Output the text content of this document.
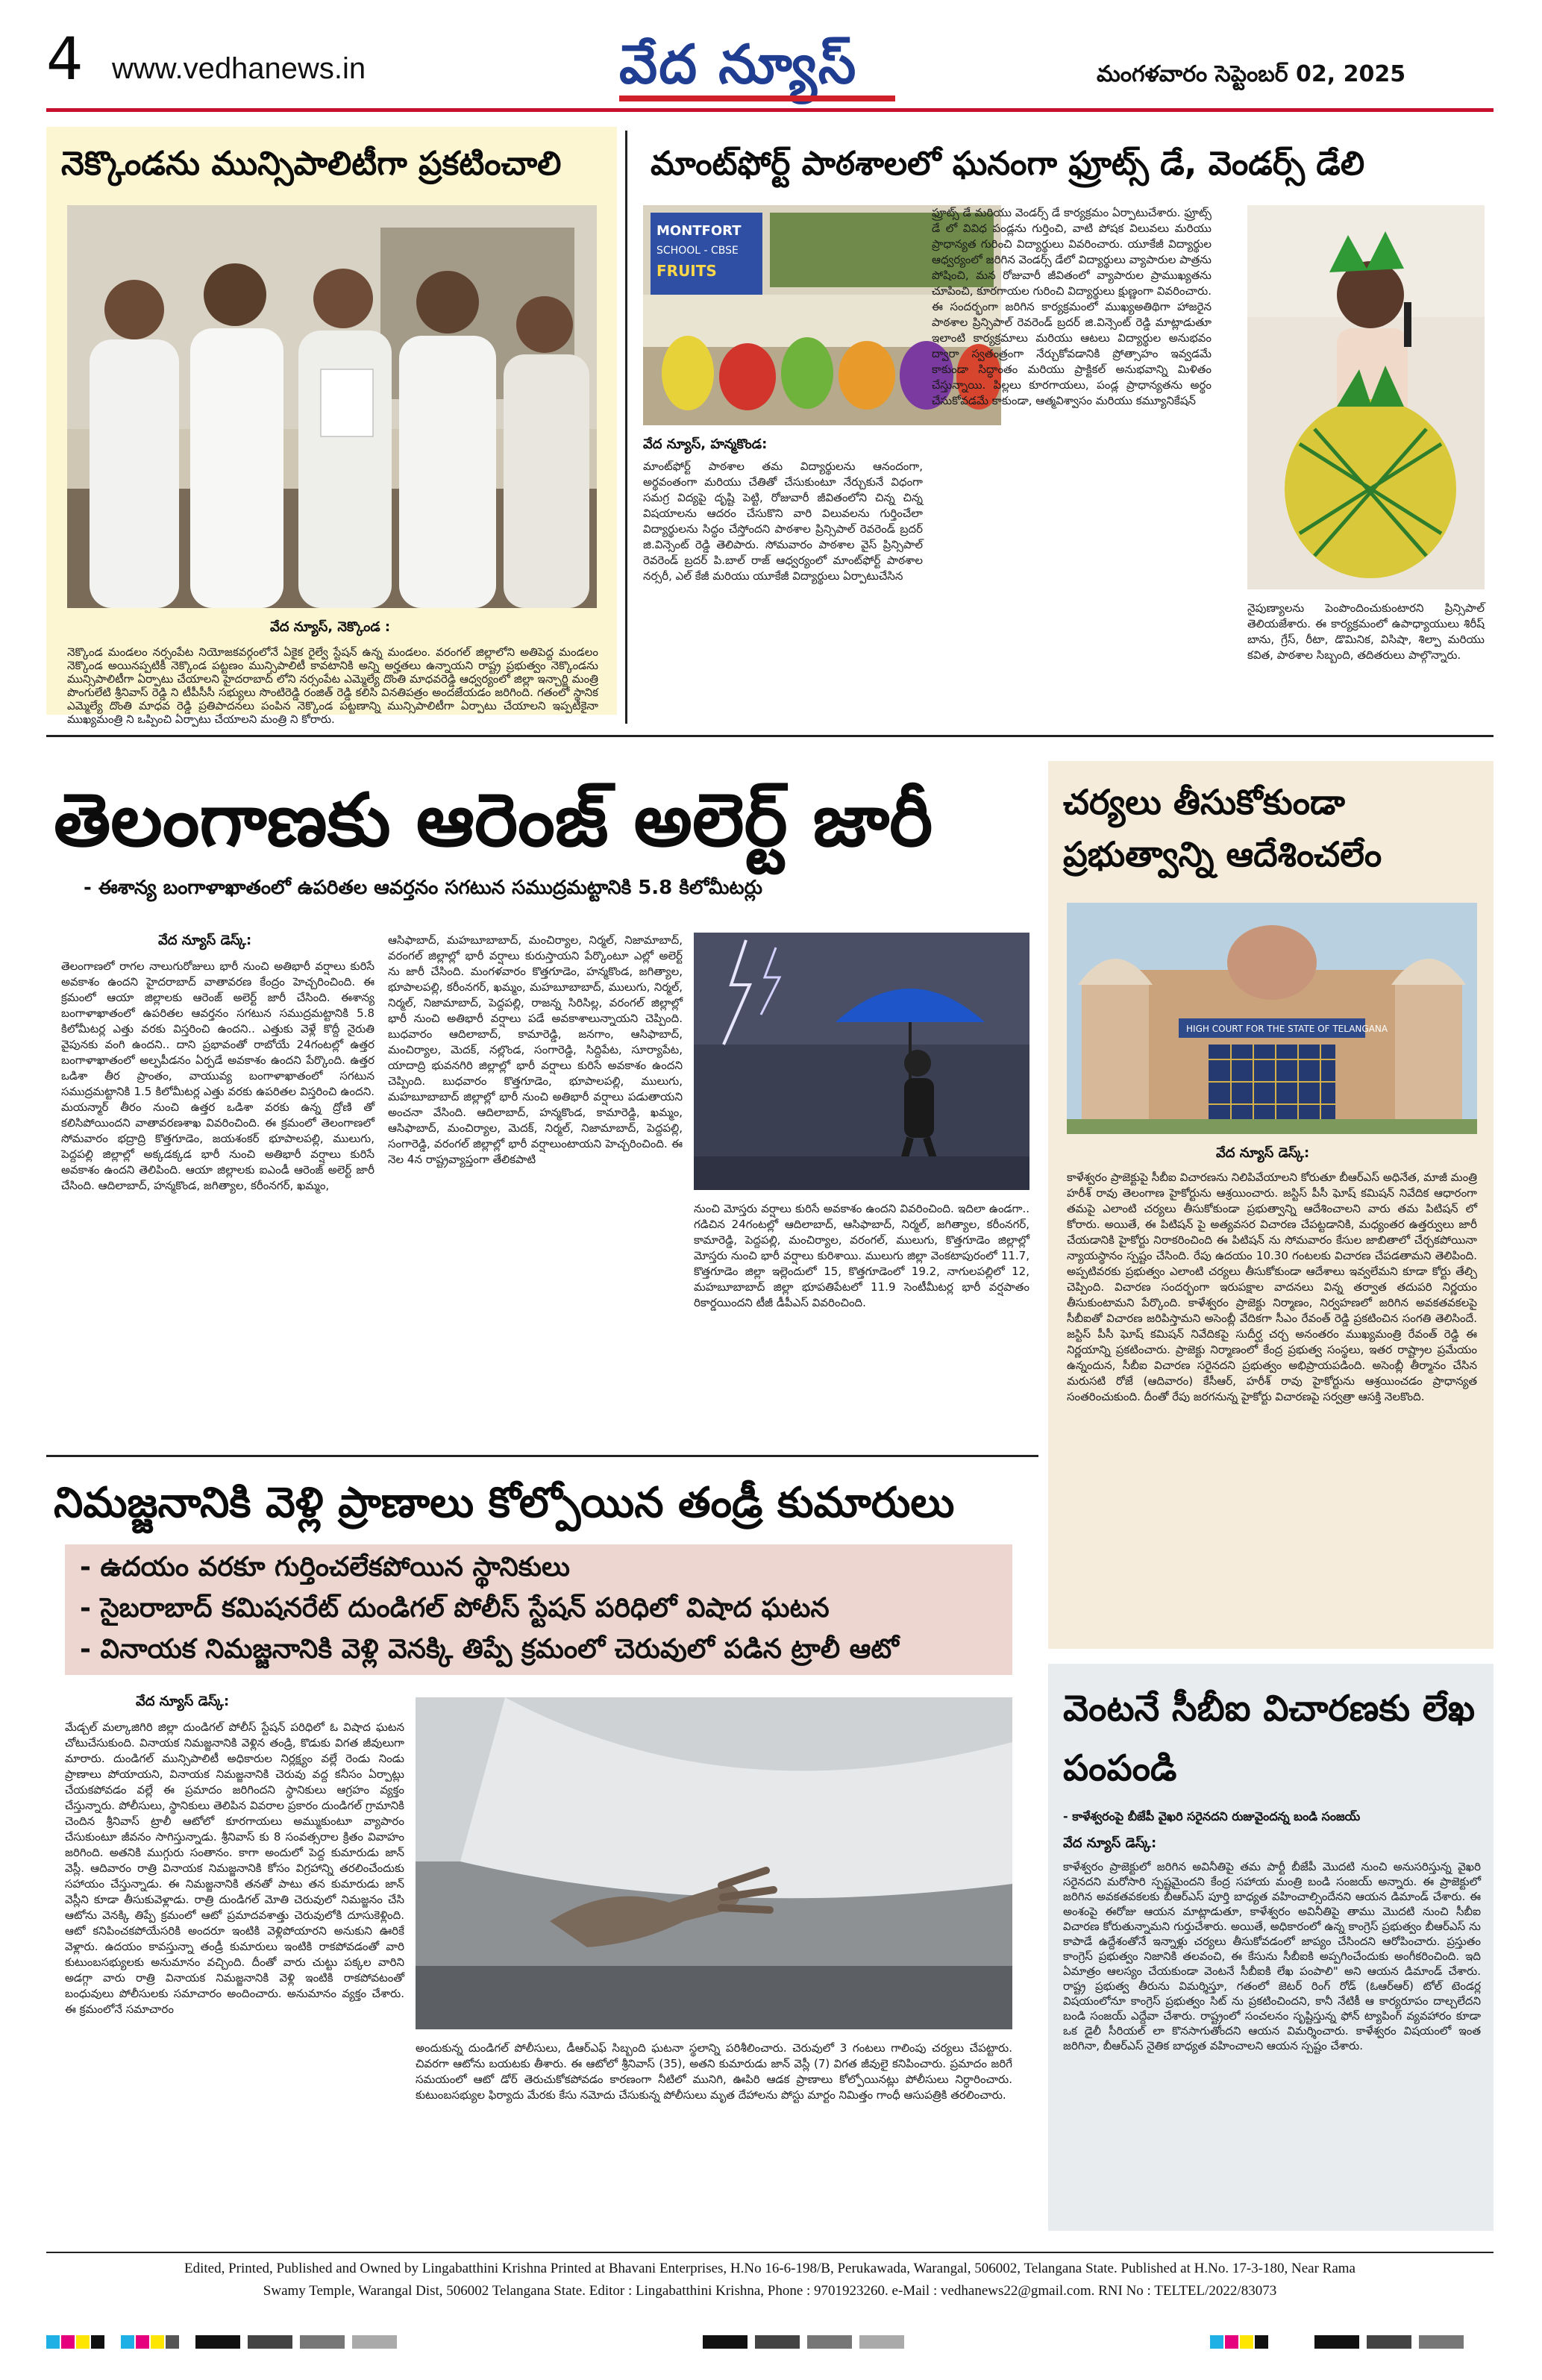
4 www.vedhanews.in	వేద న్యూస్	మంగళవారం సెప్టెంబర్ 02, 2025
నెక్కొండను మున్సిపాలిటీగా ప్రకటించాలి
వేద న్యూస్, నెక్కొండ :
నెక్కొండ మండలం నర్సంపేట నియోజకవర్గంలోనే ఏకైక రైల్వే స్టేషన్ ఉన్న మండలం. వరంగల్ జిల్లాలోని అతిపెద్ద మండలం నెక్కొండ అయినప్పటికీ నెక్కొండ పట్టణం మున్సిపాలిటీ కావటానికి అన్ని అర్హతలు ఉన్నాయని రాష్ట్ర ప్రభుత్వం నెక్కొండను మున్సిపాలిటీగా ఏర్పాటు చేయాలని హైదరాబాద్ లోని నర్సంపేట ఎమ్మెల్యే దొంతి మాధవరెడ్డి ఆధ్వర్యంలో జిల్లా ఇన్చార్జి మంత్రి పొంగులేటి శ్రీనివాస్ రెడ్డి ని టీపీసీసీ సభ్యులు సొంటిరెడ్డి రంజిత్ రెడ్డి కలిసి వినతిపత్రం అందజేయడం జరిగింది. గతంలో స్థానిక ఎమ్మెల్యే దొంతి మాధవ రెడ్డి ప్రతిపాదనలు పంపిన నెక్కొండ పట్టణాన్ని మున్సిపాలిటీగా ఏర్పాటు చేయాలని ఇప్పటికైనా ముఖ్యమంత్రి ని ఒప్పించి ఏర్పాటు చేయాలని మంత్రి ని కోరారు.
మాంట్‌ఫోర్ట్ పాఠశాలలో ఘనంగా ఫ్రూట్స్ డే, వెండర్స్ డేలి
MONTFORT
SCHOOL - CBSE
FRUITS
వేద న్యూస్, హన్మకొండ:
మాంట్‌ఫోర్ట్ పాఠశాల తమ విద్యార్థులను ఆనందంగా, అర్థవంతంగా మరియు చేతితో చేసుకుంటూ నేర్చుకునే విధంగా సమగ్ర విద్యపై దృష్టి పెట్టి, రోజువారీ జీవితంలోని చిన్న చిన్న విషయాలను ఆదరం చేసుకొని వారి విలువలను గుర్తించేలా విద్యార్థులను సిద్ధం చేస్తోందని పాఠశాల ప్రిన్సిపాల్ రెవరెండ్ బ్రదర్ జి.విన్సెంట్ రెడ్డి తెలిపారు. సోమవారం పాఠశాల వైస్ ప్రిన్సిపాల్ రెవరెండ్ బ్రదర్ పి.బాల్ రాజ్ ఆధ్వర్యంలో మాంట్‌ఫోర్ట్ పాఠశాల నర్సరీ, ఎల్ కేజీ మరియు యూకేజీ విద్యార్థులు ఏర్పాటుచేసిన
ఫ్రూట్స్ డే మరియు వెండర్స్ డే కార్యక్రమం ఏర్పాటుచేశారు. ఫ్రూట్స్ డే లో వివిధ పండ్లను గుర్తించి, వాటి పోషక విలువలు మరియు ప్రాధాన్యత గురించి విద్యార్థులు వివరించారు. యూకేజీ విద్యార్థుల ఆధ్వర్యంలో జరిగిన వెండర్స్ డేలో విద్యార్థులు వ్యాపారుల పాత్రను పోషించి, మన రోజువారీ జీవితంలో వ్యాపారుల ప్రాముఖ్యతను చూపించి, కూరగాయల గురించి విద్యార్థులు క్షుణ్ణంగా వివరించారు. ఈ సందర్భంగా జరిగిన కార్యక్రమంలో ముఖ్యఅతిథిగా హాజరైన పాఠశాల ప్రిన్సిపాల్ రెవరెండ్ బ్రదర్ జి.విన్సెంట్ రెడ్డి మాట్లాడుతూ ఇలాంటి కార్యక్రమాలు మరియు ఆటలు విద్యార్థుల అనుభవం ద్వారా స్వతంత్రంగా నేర్చుకోవడానికి ప్రోత్సాహం ఇవ్వడమే కాకుండా సిద్ధాంతం మరియు ప్రాక్టికల్ అనుభవాన్ని మిళితం చేస్తున్నాయి. పిల్లలు కూరగాయలు, పండ్ల ప్రాధాన్యతను అర్థం చేసుకోవడమే కాకుండా, ఆత్మవిశ్వాసం మరియు కమ్యూనికేషన్
నైపుణ్యాలను పెంపొందించుకుంటారని ప్రిన్సిపాల్ తెలియజేశారు. ఈ కార్యక్రమంలో ఉపాధ్యాయులు శిరీష్ బాను, గ్రేస్, రీటా, డొమినిక, విసిషా, శిల్పా మరియు కవిత, పాఠశాల సిబ్బంది, తదితరులు పాల్గొన్నారు.
తెలంగాణకు ఆరెంజ్ అలెర్ట్ జారీ
- ఈశాన్య బంగాళాఖాతంలో ఉపరితల ఆవర్తనం సగటున సముద్రమట్టానికి 5.8 కిలోమీటర్లు
వేద న్యూస్ డెస్క్:
తెలంగాణలో రాగల నాలుగురోజులు భారీ నుంచి అతిభారీ వర్షాలు కురిసే అవకాశం ఉందని హైదరాబాద్ వాతావరణ కేంద్రం హెచ్చరించింది. ఈ క్రమంలో ఆయా జిల్లాలకు ఆరెంజ్ అలెర్ట్ జారీ చేసింది. ఈశాన్య బంగాళాఖాతంలో ఉపరితల ఆవర్తనం సగటున సముద్రమట్టానికి 5.8 కిలోమీటర్ల ఎత్తు వరకు విస్తరించి ఉందని.. ఎత్తుకు వెళ్లే కొద్దీ నైరుతి వైపునకు వంగి ఉందని.. దాని ప్రభావంతో రాబోయే 24గంటల్లో ఉత్తర బంగాళాఖాతంలో అల్పపీడనం ఏర్పడే అవకాశం ఉందని పేర్కొంది. ఉత్తర ఒడిశా తీర ప్రాంతం, వాయువ్య బంగాళాఖాతంలో సగటున సముద్రమట్టానికి 1.5 కిలోమీటర్ల ఎత్తు వరకు ఉపరితల విస్తరించి ఉందని. మయన్మార్ తీరం నుంచి ఉత్తర ఒడిశా వరకు ఉన్న ద్రోణి తో కలిసిపోయిందని వాతావరణశాఖ వివరించింది. ఈ క్రమంలో తెలంగాణలో సోమవారం భద్రాద్రి కొత్తగూడెం, జయశంకర్ భూపాలపల్లి, ములుగు, పెద్దపల్లి జిల్లాల్లో అక్కడక్కడ భారీ నుంచి అతిభారీ వర్షాలు కురిసే అవకాశం ఉందని తెలిపింది. ఆయా జిల్లాలకు ఐఎండీ ఆరెంజ్ అలెర్ట్ జారీ చేసింది. ఆదిలాబాద్, హన్మకొండ, జగిత్యాల, కరీంనగర్, ఖమ్మం,
ఆసిఫాబాద్, మహబూబాబాద్, మంచిర్యాల, నిర్మల్, నిజామాబాద్, వరంగల్ జిల్లాల్లో భారీ వర్షాలు కురుస్తాయని పేర్కొంటూ ఎల్లో అలెర్ట్ ను జారీ చేసింది. మంగళవారం కొత్తగూడెం, హన్మకొండ, జగిత్యాల, భూపాలపల్లి, కరీంనగర్, ఖమ్మం, మహబూబాబాద్, ములుగు, నిర్మల్, నిర్మల్, నిజామాబాద్, పెద్దపల్లి, రాజన్న సిరిసిల్ల, వరంగల్ జిల్లాల్లో భారీ నుంచి అతిభారీ వర్షాలు పడే అవకాశాలున్నాయని చెప్పింది. బుధవారం ఆదిలాబాద్, కామారెడ్డి, జనగాం, ఆసిఫాబాద్, మంచిర్యాల, మెదక్, నల్లొండ, సంగారెడ్డి, సిద్దిపేట, సూర్యాపేట, యాదాద్రి భువనగిరి జిల్లాల్లో భారీ వర్షాలు కురిసే అవకాశం ఉందని చెప్పింది. బుధవారం కొత్తగూడెం, భూపాలపల్లి, ములుగు, మహబూబాబాద్ జిల్లాల్లో భారీ నుంచి అతిభారీ వర్షాలు పడుతాయని అంచనా వేసింది. ఆదిలాబాద్, హన్మకొండ, కామారెడ్డి, ఖమ్మం, ఆసిఫాబాద్, మంచిర్యాల, మెదక్, నిర్మల్, నిజామాబాద్, పెద్దపల్లి, సంగారెడ్డి, వరంగల్ జిల్లాల్లో భారీ వర్షాలుంటాయని హెచ్చరించింది. ఈ నెల 4న రాష్ట్రవ్యాప్తంగా తేలికపాటి
నుంచి మోస్తరు వర్షాలు కురిసే అవకాశం ఉందని వివరించింది. ఇదిలా ఉండగా.. గడిచిన 24గంటల్లో ఆదిలాబాద్, ఆసిఫాబాద్, నిర్మల్, జగిత్యాల, కరీంనగర్, కామారెడ్డి, పెద్దపల్లి, మంచిర్యాల, వరంగల్, ములుగు, కొత్తగూడెం జిల్లాల్లో మోస్తరు నుంచి భారీ వర్షాలు కురిశాయి. ములుగు జిల్లా వెంకటాపురంలో 11.7, కొత్తగూడెం జిల్లా ఇల్లెందులో 15, కొత్తగూడెంలో 19.2, నాగులపల్లిలో 12, మహబూబాబాద్ జిల్లా భూపతిపేటలో 11.9 సెంటీమీటర్ల భారీ వర్షపాతం రికార్డయిందని టీజీ డీపీఎస్ వివరించింది.
చర్యలు తీసుకోకుండా ప్రభుత్వాన్ని ఆదేశించలేం
HIGH COURT FOR THE STATE OF TELANGANA
వేద న్యూస్ డెస్క్:
కాళేశ్వరం ప్రాజెక్టుపై సీబీఐ విచారణను నిలిపివేయాలని కోరుతూ బీఆర్ఎస్ అధినేత, మాజీ మంత్రి హరీశ్ రావు తెలంగాణ హైకోర్టును ఆశ్రయించారు. జస్టిస్ పీసీ ఘోష్ కమిషన్ నివేదిక ఆధారంగా తమపై ఎలాంటి చర్యలు తీసుకోకుండా ప్రభుత్వాన్ని ఆదేశించాలని వారు తమ పిటిషన్ లో కోరారు. అయితే, ఈ పిటిషన్ పై అత్యవసర విచారణ చేపట్టడానికి, మధ్యంతర ఉత్తర్వులు జారీ చేయడానికి హైకోర్టు నిరాకరించింది ఈ పిటిషన్ ను సోమవారం కేసుల జాబితాలో చేర్చకపోయినా న్యాయస్థానం స్పష్టం చేసింది. రేపు ఉదయం 10.30 గంటలకు విచారణ చేపడతామని తెలిపింది. అప్పటివరకు ప్రభుత్వం ఎలాంటి చర్యలు తీసుకోకుండా ఆదేశాలు ఇవ్వలేమని కూడా కోర్టు తేల్చి చెప్పింది. విచారణ సందర్భంగా ఇరుపక్షాల వాదనలు విన్న తర్వాత తదుపరి నిర్ణయం తీసుకుంటామని పేర్కొంది. కాళేశ్వరం ప్రాజెక్టు నిర్మాణం, నిర్వహణలో జరిగిన అవకతవకలపై సీబీఐతో విచారణ జరిపిస్తామని అసెంబ్లీ వేదికగా సీఎం రేవంత్ రెడ్డి ప్రకటించిన సంగతి తెలిసిందే. జస్టిస్ పీసీ ఘోష్ కమిషన్ నివేదికపై సుదీర్ఘ చర్చ అనంతరం ముఖ్యమంత్రి రేవంత్ రెడ్డి ఈ నిర్ణయాన్ని ప్రకటించారు. ప్రాజెక్టు నిర్మాణంలో కేంద్ర ప్రభుత్వ సంస్థలు, ఇతర రాష్ట్రాల ప్రమేయం ఉన్నందున, సీబీఐ విచారణ సరైనదని ప్రభుత్వం అభిప్రాయపడింది. అసెంబ్లీ తీర్మానం చేసిన మరుసటి రోజే (ఆదివారం) కేసీఆర్, హరీశ్ రావు హైకోర్టును ఆశ్రయించడం ప్రాధాన్యత సంతరించుకుంది. దీంతో రేపు జరగనున్న హైకోర్టు విచారణపై సర్వత్రా ఆసక్తి నెలకొంది.
నిమజ్జనానికి వెళ్లి ప్రాణాలు కోల్పోయిన తండ్రీ కుమారులు
- ఉదయం వరకూ గుర్తించలేకపోయిన స్థానికులు
- సైబరాబాద్ కమిషనరేట్ దుండిగల్ పోలీస్ స్టేషన్ పరిధిలో విషాద ఘటన
- వినాయక నిమజ్జనానికి వెళ్లి వెనక్కి తిప్పే క్రమంలో చెరువులో పడిన ట్రాలీ ఆటో
వేద న్యూస్ డెస్క్:
మేడ్చల్ మల్కాజిగిరి జిల్లా దుండిగల్ పోలీస్ స్టేషన్ పరిధిలో ఓ విషాద ఘటన చోటుచేసుకుంది. వినాయక నిమజ్జనానికి వెళ్లిన తండ్రి, కొడుకు విగత జీవులుగా మారారు. దుండిగల్ మున్సిపాలిటీ అధికారుల నిర్లక్ష్యం వల్లే రెండు నిండు ప్రాణాలు పోయాయని, వినాయక నిమజ్జనానికి చెరువు వద్ద కనీసం ఏర్పాట్లు చేయకపోవడం వల్లే ఈ ప్రమాదం జరిగిందని స్థానికులు ఆగ్రహం వ్యక్తం చేస్తున్నారు. పోలీసులు, స్థానికులు తెలిపిన వివరాల ప్రకారం దుండిగల్ గ్రామానికి చెందిన శ్రీనివాస్ ట్రాలీ ఆటోలో కూరగాయలు అమ్ముకుంటూ వ్యాపారం చేసుకుంటూ జీవనం సాగిస్తున్నాడు. శ్రీనివాస్ కు 8 సంవత్సరాల క్రితం వివాహం జరిగింది. అతనికి ముగ్గురు సంతానం. కాగా అందులో పెద్ద కుమారుడు జాన్ వెస్లీ. ఆదివారం రాత్రి వినాయక నిమజ్జనానికి కోసం విగ్రహాన్ని తరలించేందుకు సహాయం చేస్తున్నాడు. ఈ నిమజ్జనానికి తనతో పాటు తన కుమారుడు జాన్ వెస్లీని కూడా తీసుకువెళ్లాడు. రాత్రి దుండిగల్ మోతి చెరువులో నిమజ్జనం చేసి ఆటోను వెనక్కి తిప్పే క్రమంలో ఆటో ప్రమాదవశాత్తు చెరువులోకి దూసుకెళ్లింది. ఆటో కనిపించకపోయేసరికి అందరూ ఇంటికి వెళ్లిపోయారని అనుకుని ఊరికే వెళ్లారు. ఉదయం కావస్తున్నా తండ్రీ కుమారులు ఇంటికి రాకపోవడంతో వారి కుటుంబసభ్యులకు అనుమానం వచ్చింది. దీంతో వారు చుట్టు పక్కల వారిని అడగ్గా వారు రాత్రి వినాయక నిమజ్జనానికి వెళ్లి ఇంటికి రాకపోవటంతో బంధువులు పోలీసులకు సమాచారం అందించారు. అనుమానం వ్యక్తం చేశారు. ఈ క్రమంలోనే సమాచారం
అందుకున్న దుండిగల్ పోలీసులు, డీఆర్ఎఫ్ సిబ్బంది ఘటనా స్థలాన్ని పరిశీలించారు. చెరువులో 3 గంటలు గాలింపు చర్యలు చేపట్టారు. చివరగా ఆటోను బయటకు తీశారు. ఈ ఆటోలో శ్రీనివాస్ (35), అతని కుమారుడు జాన్ వెస్లీ (7) విగత జీవులై కనిపించారు. ప్రమాదం జరిగే సమయంలో ఆటో డోర్ తెరుచుకోకపోవడం కారణంగా నీటిలో మునిగి, ఊపిరి ఆడక ప్రాణాలు కోల్పోయినట్లు పోలీసులు నిర్ధారించారు. కుటుంబసభ్యుల ఫిర్యాదు మేరకు కేసు నమోదు చేసుకున్న పోలీసులు మృత దేహాలను పోస్టు మార్టం నిమిత్తం గాంధీ ఆసుపత్రికి తరలించారు.
వెంటనే సీబీఐ విచారణకు లేఖ పంపండి
- కాళేశ్వరంపై బీజేపీ వైఖరి సరైనదని రుజువైందన్న బండి సంజయ్
వేద న్యూస్ డెస్క్:
కాళేశ్వరం ప్రాజెక్టులో జరిగిన అవినీతిపై తమ పార్టీ బీజేపీ మొదటి నుంచి అనుసరిస్తున్న వైఖరి సరైనదని మరోసారి స్పష్టమైందని కేంద్ర సహాయ మంత్రి బండి సంజయ్ అన్నారు. ఈ ప్రాజెక్టులో జరిగిన అవకతవకలకు బీఆర్ఎస్ పూర్తి బాధ్యత వహించాల్సిందేనని ఆయన డిమాండ్ చేశారు. ఈ అంశంపై ఈరోజు ఆయన మాట్లాడుతూ, కాళేశ్వరం అవినీతిపై తాము మొదటి నుంచి సీబీఐ విచారణ కోరుతున్నామని గుర్తుచేశారు. అయితే, అధికారంలో ఉన్న కాంగ్రెస్ ప్రభుత్వం బీఆర్ఎస్ ను కాపాడే ఉద్దేశంతోనే ఇన్నాళ్లు చర్యలు తీసుకోవడంలో జాప్యం చేసిందని ఆరోపించారు. ప్రస్తుతం కాంగ్రెస్ ప్రభుత్వం నిజానికి తలవంచి, ఈ కేసును సీబీఐకి అప్పగించేందుకు అంగీకరించింది. ఇది ఏమాత్రం ఆలస్యం చేయకుండా వెంటనే సీబీఐకి లేఖ పంపాలి" అని ఆయన డిమాండ్ చేశారు. రాష్ట్ర ప్రభుత్వ తీరును విమర్శిస్తూ, గతంలో జెటర్ రింగ్ రోడ్ (ఓఆర్ఆర్) టోల్ టెండర్ల విషయంలోనూ కాంగ్రెస్ ప్రభుత్వం సిట్ ను ప్రకటించిందని, కానీ నేటికీ ఆ కార్యరూపం దాల్చలేదని బండి సంజయ్ ఎద్దేవా చేశారు. రాష్ట్రంలో సంచలనం సృష్టిస్తున్న ఫోన్ ట్యాపింగ్ వ్యవహారం కూడా ఒక డైలీ సీరియల్ లా కొనసాగుతోందని ఆయన విమర్శించారు. కాళేశ్వరం విషయంలో ఇంత జరిగినా, బీఆర్ఎస్ నైతిక బాధ్యత వహించాలని ఆయన స్పష్టం చేశారు.
Edited, Printed, Published and Owned by Lingabatthini Krishna Printed at Bhavani Enterprises, H.No 16-6-198/B, Perukawada, Warangal, 506002, Telangana State. Published at H.No. 17-3-180, Near Rama
Swamy Temple, Warangal Dist, 506002 Telangana State. Editor : Lingabatthini Krishna, Phone : 9701923260. e-Mail : vedhanews22@gmail.com. RNI No : TELTEL/2022/83073
